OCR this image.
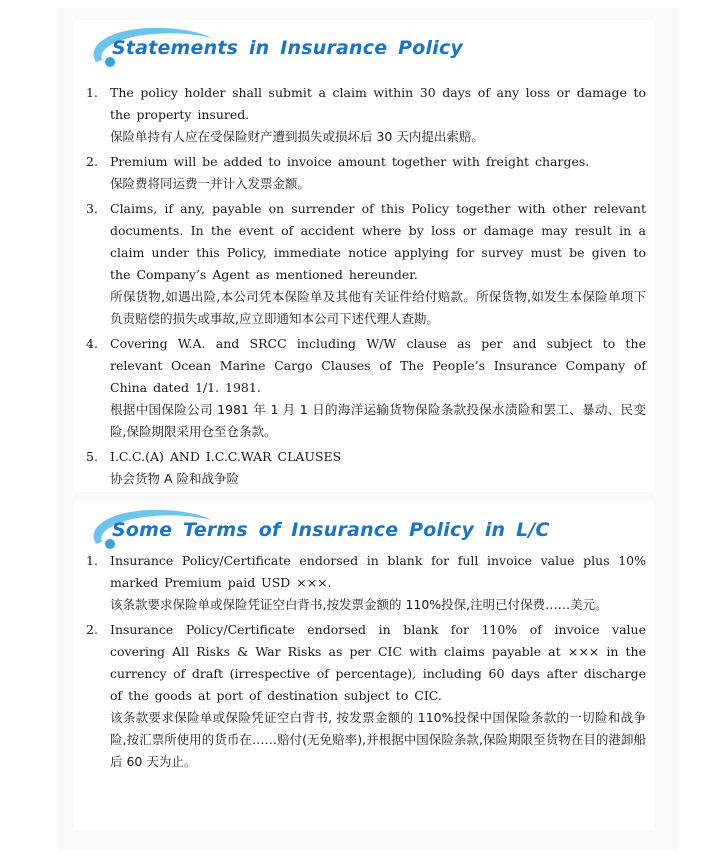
Statements in Insurance Policy
1. The policy holder shall submit a claim within 30 days of any loss or damage to the property insured.
保险单持有人应在受保险财产遭到损失或损坏后 30 天内提出索赔。
2. Premium will be added to invoice amount together with freight charges.
保险费将同运费一并计入发票金额。
3. Claims, if any, payable on surrender of this Policy together with other relevant documents. In the event of accident where by loss or damage may result in a claim under this Policy, immediate notice applying for survey must be given to the Company’s Agent as mentioned hereunder.
所保货物,如遇出险,本公司凭本保险单及其他有关证件给付赔款。所保货物,如发生本保险单项下负责赔偿的损失或事故,应立即通知本公司下述代理人查勘。
4. Covering W.A. and SRCC including W/W clause as per and subject to the relevant Ocean Marine Cargo Clauses of The People’s Insurance Company of China dated 1/1. 1981.
根据中国保险公司 1981 年 1 月 1 日的海洋运输货物保险条款投保水渍险和罢工、暴动、民变险,保险期限采用仓至仓条款。
5. I.C.C.(A) AND I.C.C.WAR CLAUSES
协会货物 A 险和战争险
Some Terms of Insurance Policy in L/C
1. Insurance Policy/Certificate endorsed in blank for full invoice value plus 10% marked Premium paid USD ×××.
该条款要求保险单或保险凭证空白背书,按发票金额的 110%投保,注明已付保费……美元。
2. Insurance Policy/Certificate endorsed in blank for 110% of invoice value covering All Risks & War Risks as per CIC with claims payable at ××× in the currency of draft (irrespective of percentage), including 60 days after discharge of the goods at port of destination subject to CIC.
该条款要求保险单或保险凭证空白背书, 按发票金额的 110%投保中国保险条款的一切险和战争险,按汇票所使用的货币在……赔付(无免赔率),并根据中国保险条款,保险期限至货物在目的港卸船后 60 天为止。
